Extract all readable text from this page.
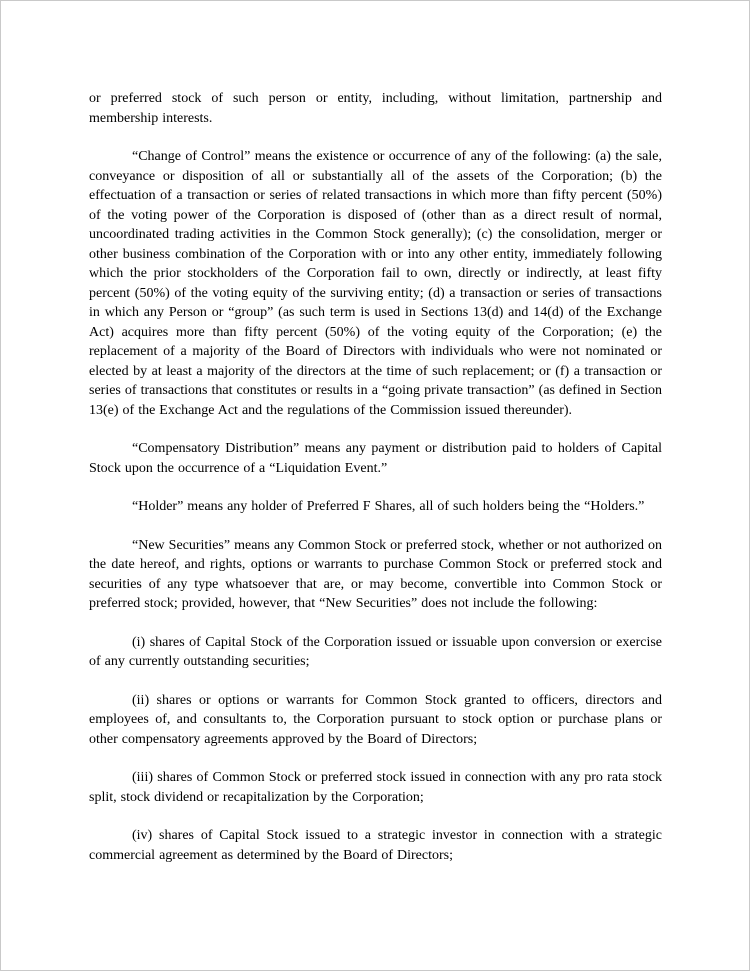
or preferred stock of such person or entity, including, without limitation, partnership and membership interests.

“Change of Control” means the existence or occurrence of any of the following: (a) the sale, conveyance or disposition of all or substantially all of the assets of the Corporation; (b) the effectuation of a transaction or series of related transactions in which more than fifty percent (50%) of the voting power of the Corporation is disposed of (other than as a direct result of normal, uncoordinated trading activities in the Common Stock generally); (c) the consolidation, merger or other business combination of the Corporation with or into any other entity, immediately following which the prior stockholders of the Corporation fail to own, directly or indirectly, at least fifty percent (50%) of the voting equity of the surviving entity; (d) a transaction or series of transactions in which any Person or “group” (as such term is used in Sections 13(d) and 14(d) of the Exchange Act) acquires more than fifty percent (50%) of the voting equity of the Corporation; (e) the replacement of a majority of the Board of Directors with individuals who were not nominated or elected by at least a majority of the directors at the time of such replacement; or (f) a transaction or series of transactions that constitutes or results in a “going private transaction” (as defined in Section 13(e) of the Exchange Act and the regulations of the Commission issued thereunder).

“Compensatory Distribution” means any payment or distribution paid to holders of Capital Stock upon the occurrence of a “Liquidation Event.”

“Holder” means any holder of Preferred F Shares, all of such holders being the “Holders.”

“New Securities” means any Common Stock or preferred stock, whether or not authorized on the date hereof, and rights, options or warrants to purchase Common Stock or preferred stock and securities of any type whatsoever that are, or may become, convertible into Common Stock or preferred stock; provided, however, that “New Securities” does not include the following:

(i) shares of Capital Stock of the Corporation issued or issuable upon conversion or exercise of any currently outstanding securities;

(ii) shares or options or warrants for Common Stock granted to officers, directors and employees of, and consultants to, the Corporation pursuant to stock option or purchase plans or other compensatory agreements approved by the Board of Directors;

(iii) shares of Common Stock or preferred stock issued in connection with any pro rata stock split, stock dividend or recapitalization by the Corporation;

(iv) shares of Capital Stock issued to a strategic investor in connection with a strategic commercial agreement as determined by the Board of Directors;
